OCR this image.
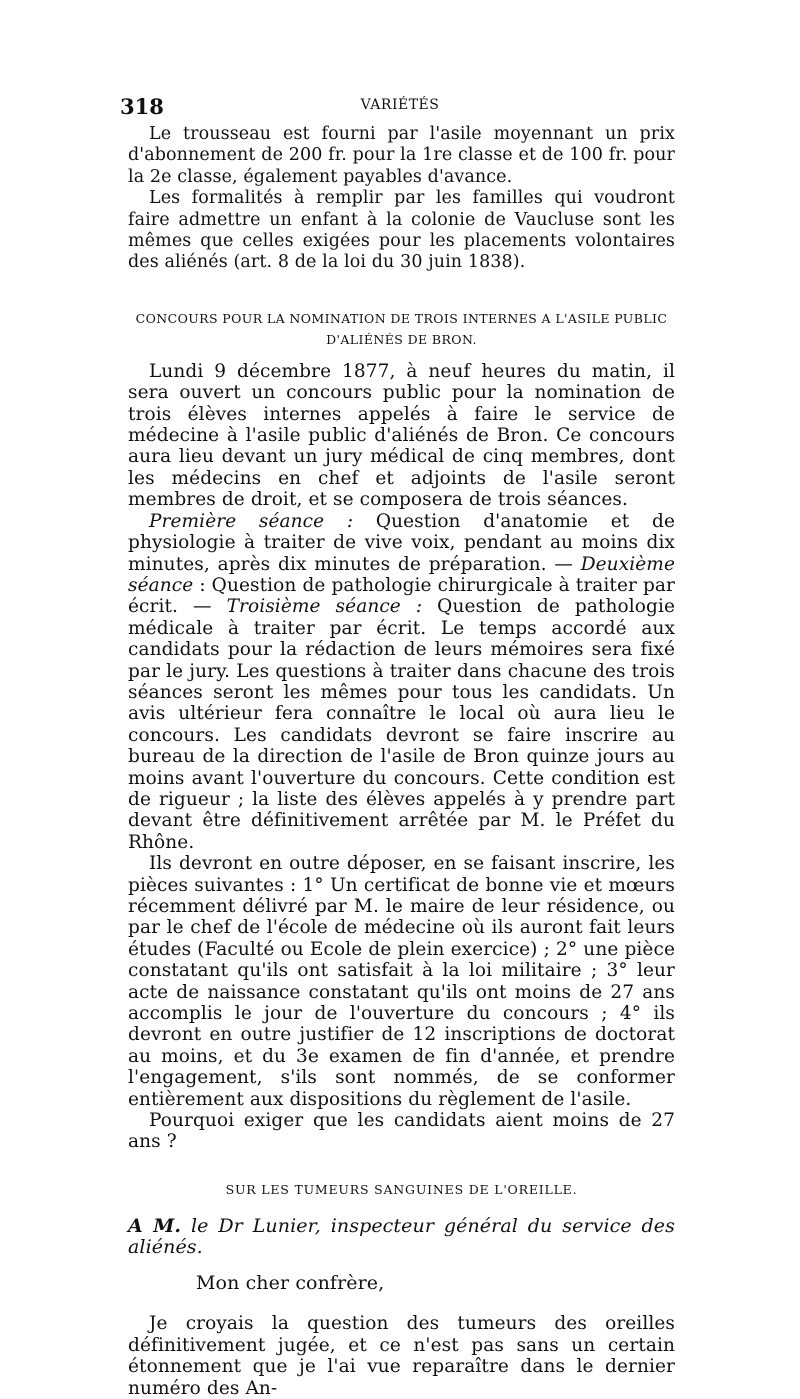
318	VARIÉTÉS

Le trousseau est fourni par l'asile moyennant un prix d'abonnement de 200 fr. pour la 1re classe et de 100 fr. pour la 2e classe, également payables d'avance.

Les formalités à remplir par les familles qui voudront faire admettre un enfant à la colonie de Vaucluse sont les mêmes que celles exigées pour les placements volontaires des aliénés (art. 8 de la loi du 30 juin 1838).

CONCOURS POUR LA NOMINATION DE TROIS INTERNES A L'ASILE PUBLIC D'ALIÉNÉS DE BRON.

Lundi 9 décembre 1877, à neuf heures du matin, il sera ouvert un concours public pour la nomination de trois élèves internes appelés à faire le service de médecine à l'asile public d'aliénés de Bron. Ce concours aura lieu devant un jury médical de cinq membres, dont les médecins en chef et adjoints de l'asile seront membres de droit, et se composera de trois séances.

Première séance : Question d'anatomie et de physiologie à traiter de vive voix, pendant au moins dix minutes, après dix minutes de préparation. — Deuxième séance : Question de pathologie chirurgicale à traiter par écrit. — Troisième séance : Question de pathologie médicale à traiter par écrit. Le temps accordé aux candidats pour la rédaction de leurs mémoires sera fixé par le jury. Les questions à traiter dans chacune des trois séances seront les mêmes pour tous les candidats. Un avis ultérieur fera connaître le local où aura lieu le concours. Les candidats devront se faire inscrire au bureau de la direction de l'asile de Bron quinze jours au moins avant l'ouverture du concours. Cette condition est de rigueur ; la liste des élèves appelés à y prendre part devant être définitivement arrêtée par M. le Préfet du Rhône.

Ils devront en outre déposer, en se faisant inscrire, les pièces suivantes : 1° Un certificat de bonne vie et mœurs récemment délivré par M. le maire de leur résidence, ou par le chef de l'école de médecine où ils auront fait leurs études (Faculté ou Ecole de plein exercice) ; 2° une pièce constatant qu'ils ont satisfait à la loi militaire ; 3° leur acte de naissance constatant qu'ils ont moins de 27 ans accomplis le jour de l'ouverture du concours ; 4° ils devront en outre justifier de 12 inscriptions de doctorat au moins, et du 3e examen de fin d'année, et prendre l'engagement, s'ils sont nommés, de se conformer entièrement aux dispositions du règlement de l'asile.

Pourquoi exiger que les candidats aient moins de 27 ans ?

SUR LES TUMEURS SANGUINES DE L'OREILLE.

A M. le Dr Lunier, inspecteur général du service des aliénés.

Mon cher confrère,

Je croyais la question des tumeurs des oreilles définitivement jugée, et ce n'est pas sans un certain étonnement que je l'ai vue reparaître dans le dernier numéro des An-
